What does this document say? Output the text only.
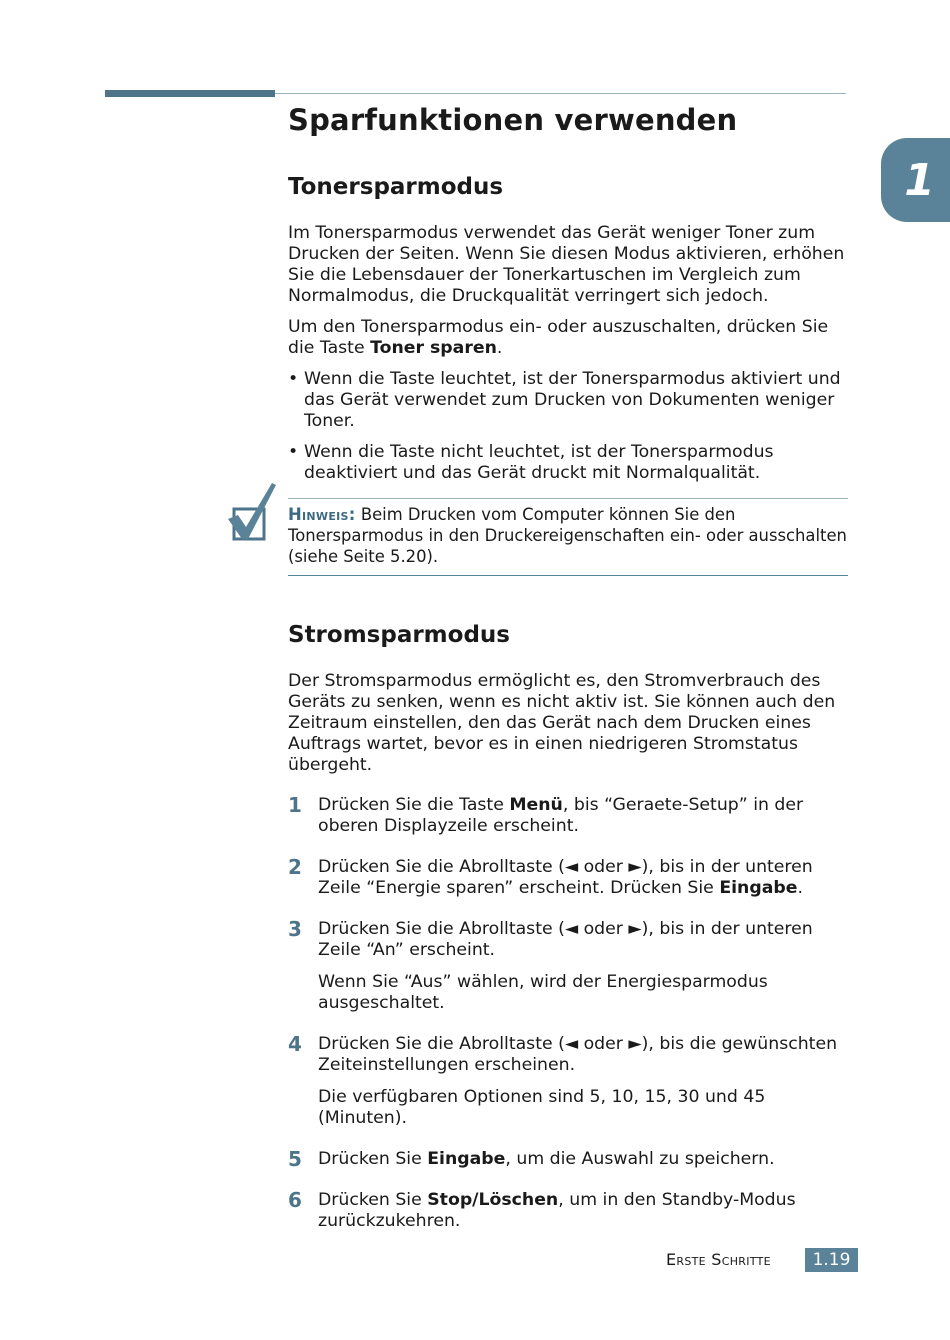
1
Sparfunktionen verwenden
Tonersparmodus

Im Tonersparmodus verwendet das Gerät weniger Toner zum Drucken der Seiten. Wenn Sie diesen Modus aktivieren, erhöhen Sie die Lebensdauer der Tonerkartuschen im Vergleich zum Normalmodus, die Druckqualität verringert sich jedoch.

Um den Tonersparmodus ein- oder auszuschalten, drücken Sie die Taste Toner sparen.

• Wenn die Taste leuchtet, ist der Tonersparmodus aktiviert und das Gerät verwendet zum Drucken von Dokumenten weniger Toner.
• Wenn die Taste nicht leuchtet, ist der Tonersparmodus deaktiviert und das Gerät druckt mit Normalqualität.

Hinweis: Beim Drucken vom Computer können Sie den Tonersparmodus in den Druckereigenschaften ein- oder ausschalten (siehe Seite 5.20).

Stromsparmodus

Der Stromsparmodus ermöglicht es, den Stromverbrauch des Geräts zu senken, wenn es nicht aktiv ist. Sie können auch den Zeitraum einstellen, den das Gerät nach dem Drucken eines Auftrags wartet, bevor es in einen niedrigeren Stromstatus übergeht.

1 Drücken Sie die Taste Menü, bis “Geraete-Setup” in der oberen Displayzeile erscheint.

2 Drücken Sie die Abrolltaste (◄ oder ►), bis in der unteren Zeile “Energie sparen” erscheint. Drücken Sie Eingabe.

3 Drücken Sie die Abrolltaste (◄ oder ►), bis in der unteren Zeile “An” erscheint.

Wenn Sie “Aus” wählen, wird der Energiesparmodus ausgeschaltet.

4 Drücken Sie die Abrolltaste (◄ oder ►), bis die gewünschten Zeiteinstellungen erscheinen.

Die verfügbaren Optionen sind 5, 10, 15, 30 und 45 (Minuten).

5 Drücken Sie Eingabe, um die Auswahl zu speichern.

6 Drücken Sie Stop/Löschen, um in den Standby-Modus zurückzukehren.

Erste Schritte	1.19
